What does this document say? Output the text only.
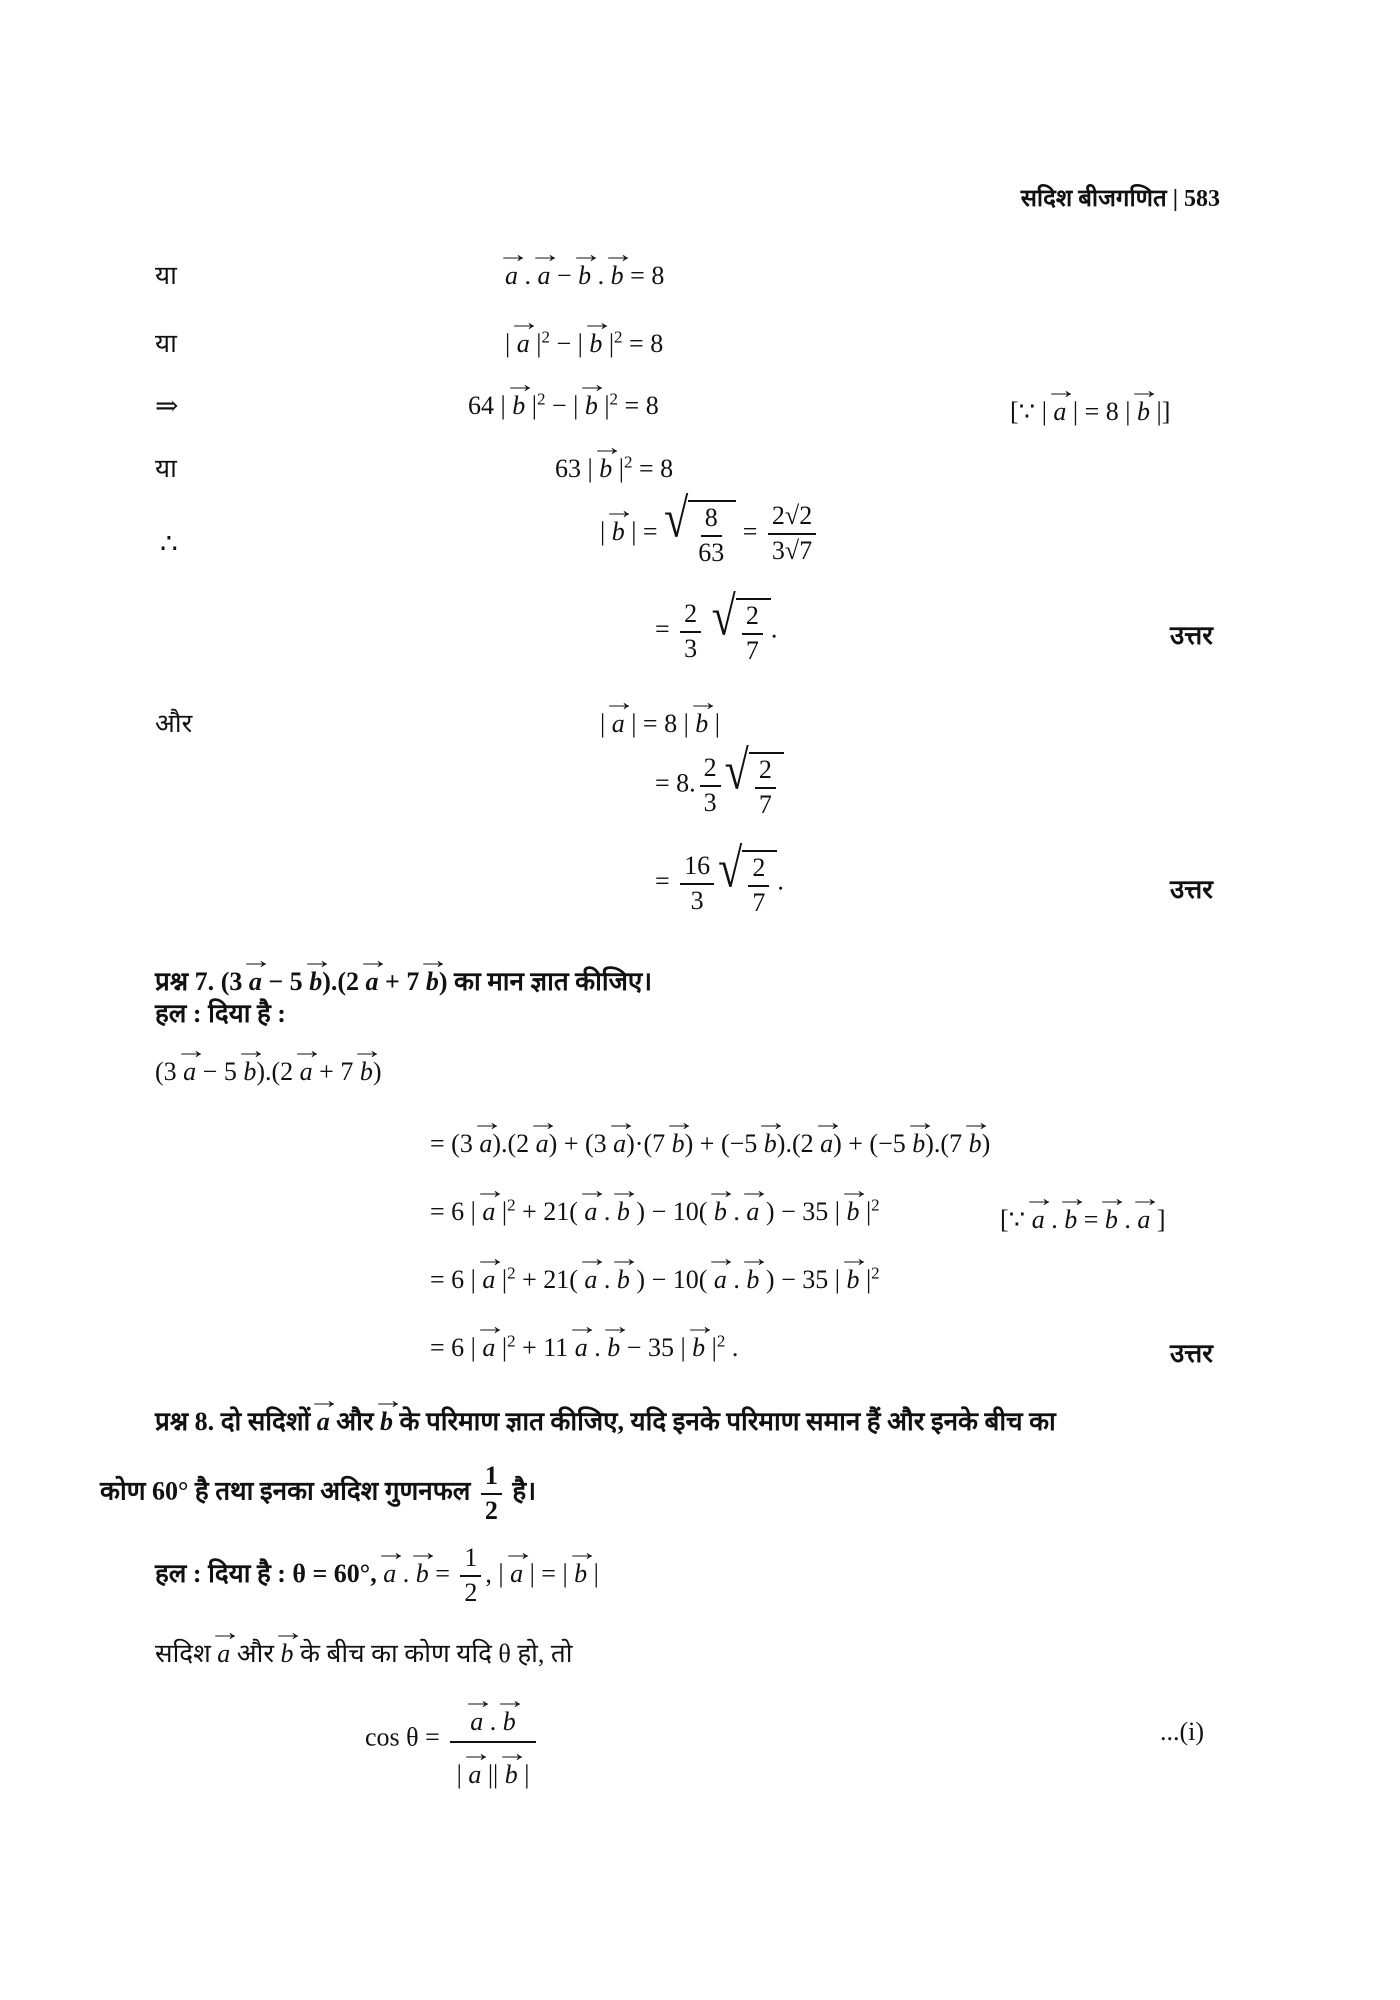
सदिश बीजगणित | 583
या	→ a . → a − → b . → b = 8
या	| → a $|^2$ − | → b $|^2 = 8$
⇒	64 | → b $|^2$ − | → b $|^2 = 8$	[∵ | → a | = 8 | → b |]
या	63 | → b $|^2 = 8$
∴	| → b | = √ $\frac{8}{63} = \frac{2√2}{3√7}$
= $\frac{2}{3}$
√ $\frac{2}{7}$ .	उत्तर
और	| → a | = 8 | → b |
= 8. $\frac{2}{3}$ √ $\frac{2}{7}$
= $\frac{16}{3}$ √ $\frac{2}{7}$ .	उत्तर
प्रश्न 7. (3 → a − 5 → b).(2 → a + 7 → b) का मान ज्ञात कीजिए।
हल : दिया है :
(3 → a − 5 → b).(2 → a + 7 → b)
= (3 → a).(2 → a) + (3 → a)·(7 → b) + (−5 → b).(2 → a) + (−5 → b).(7 → b)
= 6 | → a $|^2 + 21( \to a$ . → b ) − 10( → b . → a ) − 35 | → b $|^2$
[∵ → a . → b = → b . → a ]
= 6 | → a $|^2 + 21( \to a$ . → b ) − 10( → a . → b ) − 35 | → b $|^2$
= 6 | → a $|^2 + 11 \to a$ . → b − 35 | → b $|^2$ .	उत्तर
प्रश्न 8. दो सदिशों → a और → b के परिमाण ज्ञात कीजिए, यदि इनके परिमाण समान हैं और इनके बीच का
कोण 60° है तथा इनका अदिश गुणनफल $\frac{1}{2}$ है।
हल : दिया है : θ = 60°, → a . → $b = \frac{1}{2}$ , | → a | = | → b |
सदिश → a और → b के बीच का कोण यदि θ हो, तो
cos θ = → $\frac{a . \to b}{| \to a || \to b |}$	...(i)
